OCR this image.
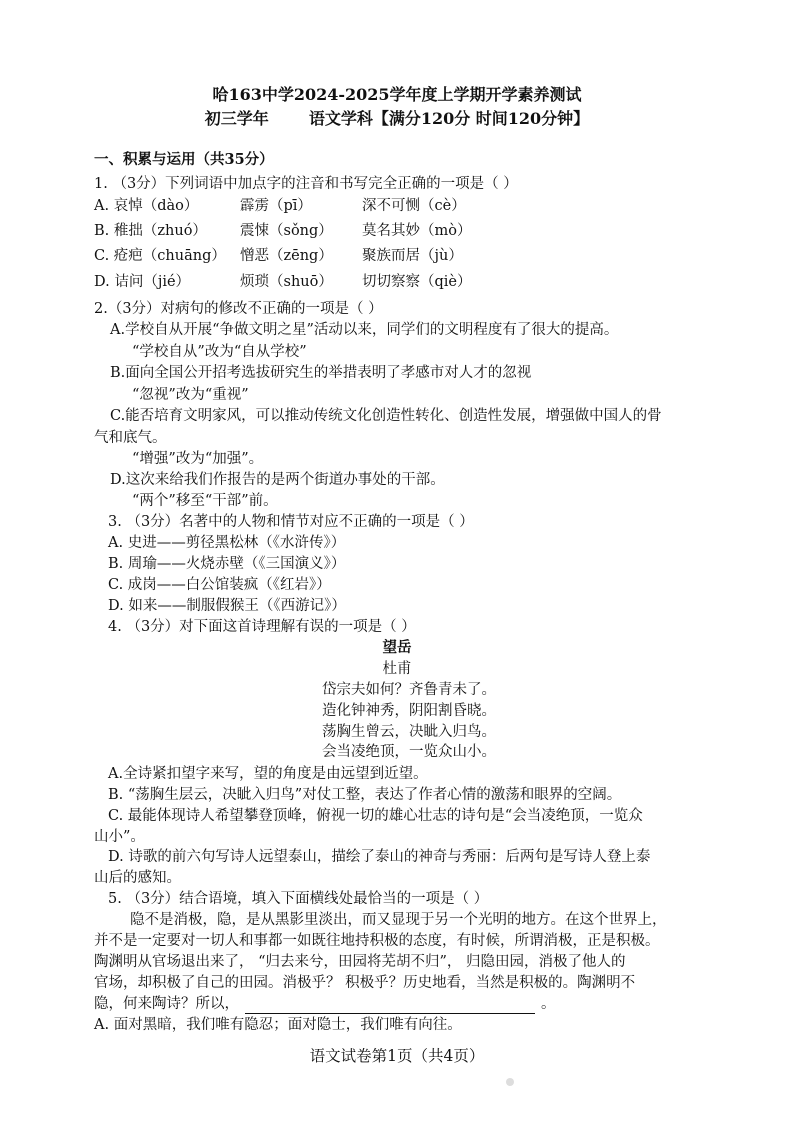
哈163中学2024-2025学年度上学期开学素养测试
初三学年	语文学科【满分120分 时间120分钟】
一、积累与运用（共35分）
1. （3分）下列词语中加点字的注音和书写完全正确的一项是（ ）
A. 哀悼（dào）	霹雳（pī）	深不可恻（cè）
B. 稚拙（zhuó） 震悚（sǒng） 莫名其妙（mò）
C. 疮疤（chuāng） 憎恶（zēng） 聚族而居（jù）
D. 诘问（jié）	烦琐（shuō） 切切察察（qiè）
2.（3分）对病句的修改不正确的一项是（ ）
A.学校自从开展“争做文明之星”活动以来，同学们的文明程度有了很大的提高。
“学校自从”改为“自从学校”
B.面向全国公开招考选拔研究生的举措表明了孝感市对人才的忽视
“忽视”改为“重视”
C.能否培育文明家风，可以推动传统文化创造性转化、创造性发展，增强做中国人的骨
气和底气。
“增强”改为“加强”。
D.这次来给我们作报告的是两个街道办事处的干部。
“两个”移至“干部”前。
3. （3分）名著中的人物和情节对应不正确的一项是（ ）
A. 史进——剪径黑松林（《水浒传》）
B. 周瑜——火烧赤壁（《三国演义》）
C. 成岗——白公馆装疯（《红岩》）
D. 如来——制服假猴王（《西游记》）
4. （3分）对下面这首诗理解有误的一项是（ ）
望岳
杜甫
岱宗夫如何？齐鲁青未了。
造化钟神秀，阴阳割昏晓。
荡胸生曾云，决眦入归鸟。
会当凌绝顶，一览众山小。
A.全诗紧扣望字来写，望的角度是由远望到近望。
B. “荡胸生层云，决眦入归鸟”对仗工整，表达了作者心情的激荡和眼界的空阔。
C. 最能体现诗人希望攀登顶峰，俯视一切的雄心壮志的诗句是“会当凌绝顶，一览众
山小”。
D. 诗歌的前六句写诗人远望泰山，描绘了泰山的神奇与秀丽：后两句是写诗人登上泰
山后的感知。
5. （3分）结合语境，填入下面横线处最恰当的一项是（ ）
隐不是消极，隐，是从黑影里淡出，而又显现于另一个光明的地方。在这个世界上，
并不是一定要对一切人和事都一如既往地持积极的态度，有时候，所谓消极，正是积极。
陶渊明从官场退出来了， “归去来兮，田园将芜胡不归”， 归隐田园，消极了他人的
官场，却积极了自己的田园。消极乎？ 积极乎？历史地看，当然是积极的。陶渊明不
隐，何来陶诗？所以，	。
A. 面对黑暗，我们唯有隐忍；面对隐士，我们唯有向往。
语文试卷第1页（共4页）
